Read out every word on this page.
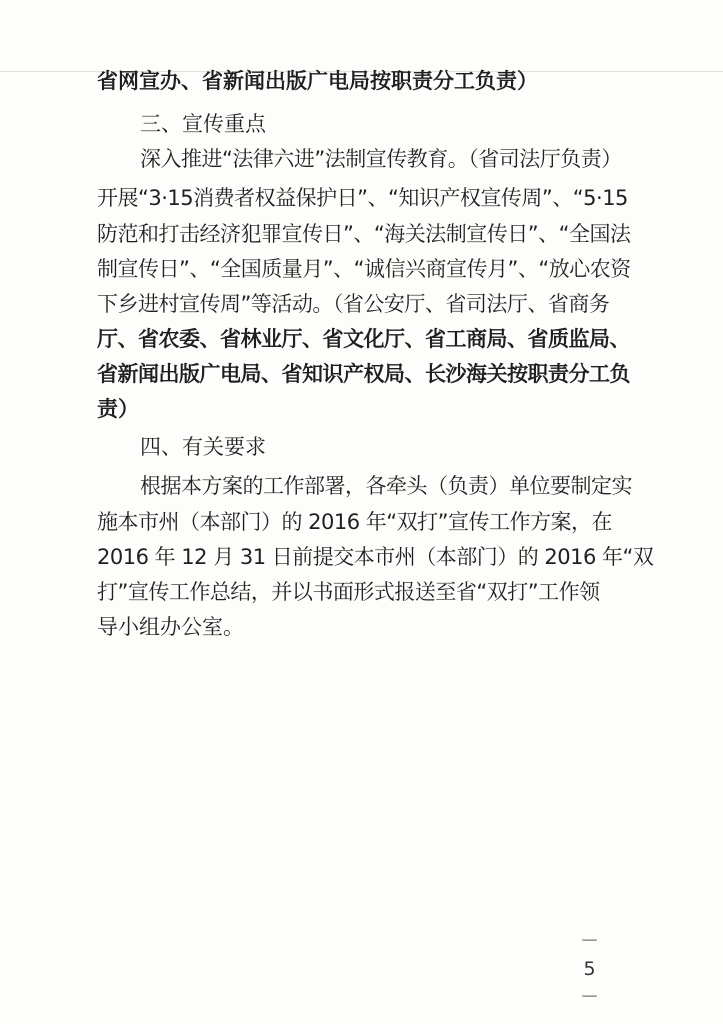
省网宣办、省新闻出版广电局按职责分工负责）
三、宣传重点
深入推进“法律六进”法制宣传教育。（省司法厅负责）
开展“3·15消费者权益保护日”、“知识产权宣传周”、“5·15
防范和打击经济犯罪宣传日”、“海关法制宣传日”、“全国法
制宣传日”、“全国质量月”、“诚信兴商宣传月”、“放心农资
下乡进村宣传周”等活动。（省公安厅、省司法厅、省商务
厅、省农委、省林业厅、省文化厅、省工商局、省质监局、
省新闻出版广电局、省知识产权局、长沙海关按职责分工负
责）
四、有关要求
根据本方案的工作部署，各牵头（负责）单位要制定实
施本市州（本部门）的 2016 年“双打”宣传工作方案，在
2016 年 12 月 31 日前提交本市州（本部门）的 2016 年“双
打”宣传工作总结，并以书面形式报送至省“双打”工作领
导小组办公室。
－ 5 －
